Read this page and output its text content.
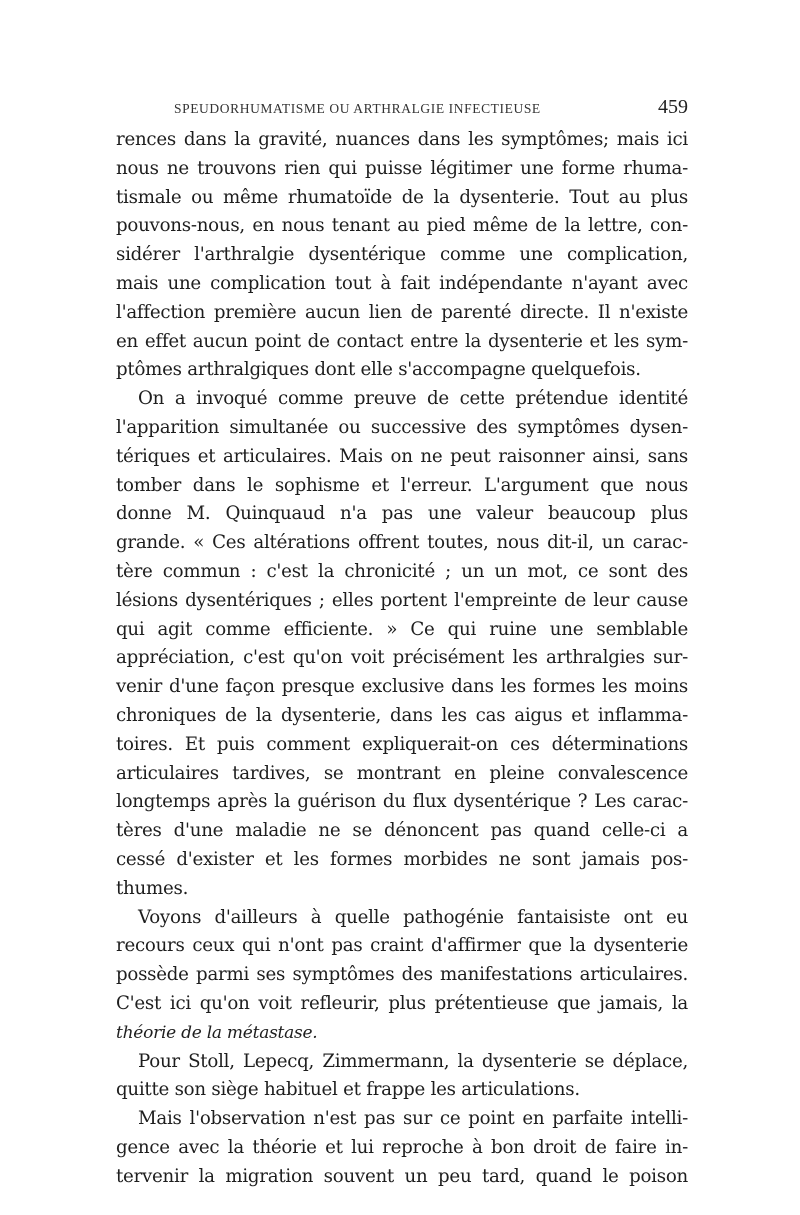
SPEUDORHUMATISME OU ARTHRALGIE INFECTIEUSE	459
rences dans la gravité, nuances dans les symptômes; mais ici
nous ne trouvons rien qui puisse légitimer une forme rhuma-
tismale ou même rhumatoïde de la dysenterie. Tout au plus
pouvons-nous, en nous tenant au pied même de la lettre, con-
sidérer l'arthralgie dysentérique comme une complication,
mais une complication tout à fait indépendante n'ayant avec
l'affection première aucun lien de parenté directe. Il n'existe
en effet aucun point de contact entre la dysenterie et les sym-
ptômes arthralgiques dont elle s'accompagne quelquefois.
On a invoqué comme preuve de cette prétendue identité
l'apparition simultanée ou successive des symptômes dysen-
tériques et articulaires. Mais on ne peut raisonner ainsi, sans
tomber dans le sophisme et l'erreur. L'argument que nous
donne M. Quinquaud n'a pas une valeur beaucoup plus
grande. « Ces altérations offrent toutes, nous dit-il, un carac-
tère commun : c'est la chronicité ; un un mot, ce sont des
lésions dysentériques ; elles portent l'empreinte de leur cause
qui agit comme efficiente. » Ce qui ruine une semblable
appréciation, c'est qu'on voit précisément les arthralgies sur-
venir d'une façon presque exclusive dans les formes les moins
chroniques de la dysenterie, dans les cas aigus et inflamma-
toires. Et puis comment expliquerait-on ces déterminations
articulaires tardives, se montrant en pleine convalescence
longtemps après la guérison du flux dysentérique ? Les carac-
tères d'une maladie ne se dénoncent pas quand celle-ci a
cessé d'exister et les formes morbides ne sont jamais pos-
thumes.
Voyons d'ailleurs à quelle pathogénie fantaisiste ont eu
recours ceux qui n'ont pas craint d'affirmer que la dysenterie
possède parmi ses symptômes des manifestations articulaires.
C'est ici qu'on voit refleurir, plus prétentieuse que jamais, la
théorie de la métastase.
Pour Stoll, Lepecq, Zimmermann, la dysenterie se déplace,
quitte son siège habituel et frappe les articulations.
Mais l'observation n'est pas sur ce point en parfaite intelli-
gence avec la théorie et lui reproche à bon droit de faire in-
tervenir la migration souvent un peu tard, quand le poison
